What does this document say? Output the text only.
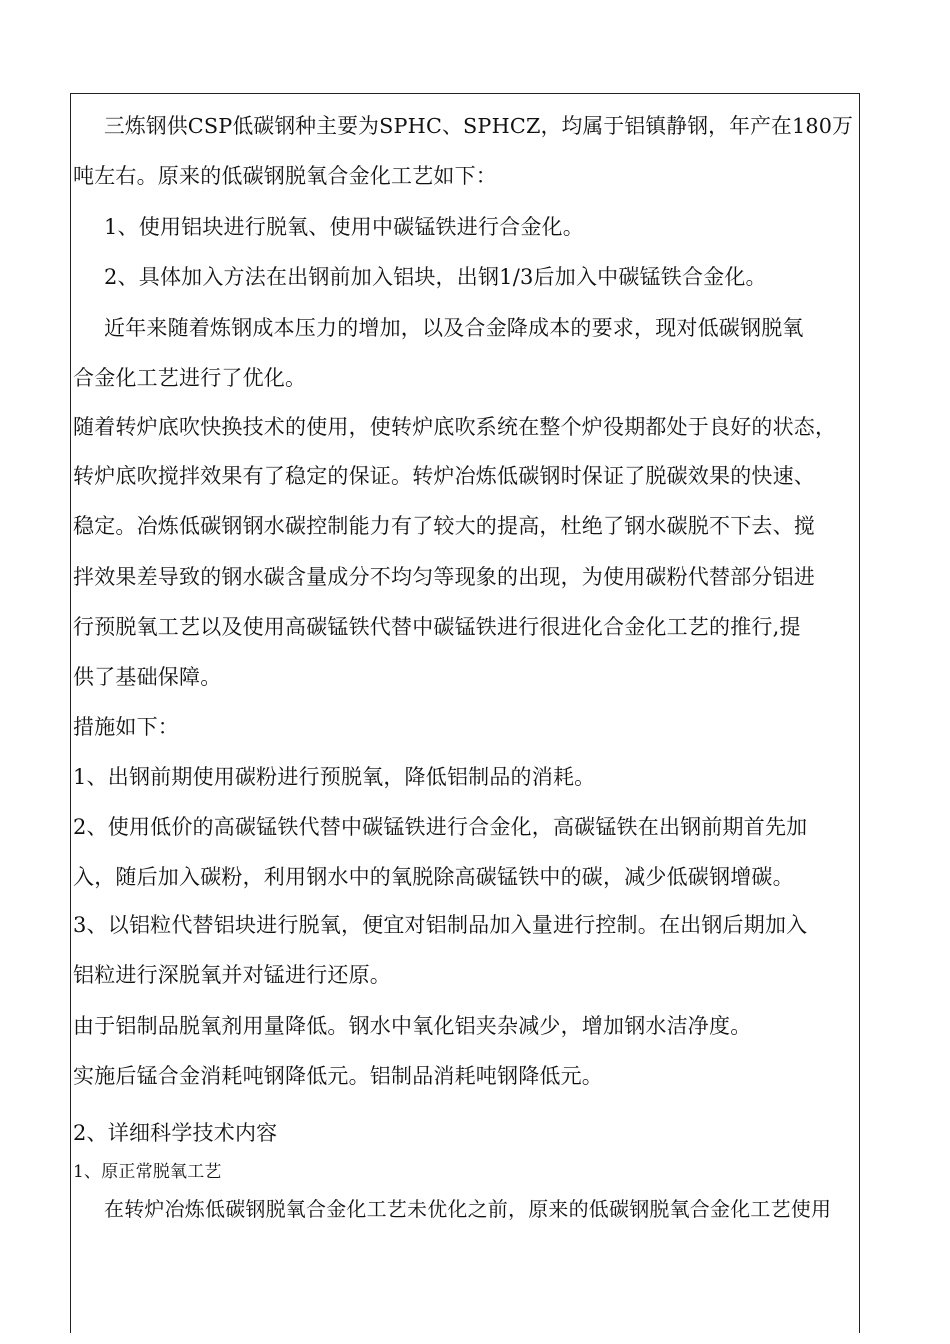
三炼钢供CSP低碳钢种主要为SPHC、SPHCZ，均属于铝镇静钢，年产在180万
吨左右。原来的低碳钢脱氧合金化工艺如下：
1、使用铝块进行脱氧、使用中碳锰铁进行合金化。
2、具体加入方法在出钢前加入铝块，出钢1/3后加入中碳锰铁合金化。
近年来随着炼钢成本压力的增加，以及合金降成本的要求，现对低碳钢脱氧
合金化工艺进行了优化。
随着转炉底吹快换技术的使用，使转炉底吹系统在整个炉役期都处于良好的状态，
转炉底吹搅拌效果有了稳定的保证。转炉冶炼低碳钢时保证了脱碳效果的快速、
稳定。冶炼低碳钢钢水碳控制能力有了较大的提高，杜绝了钢水碳脱不下去、搅
拌效果差导致的钢水碳含量成分不均匀等现象的出现，为使用碳粉代替部分铝进
行预脱氧工艺以及使用高碳锰铁代替中碳锰铁进行很进化合金化工艺的推行,提
供了基础保障。
措施如下：
1、出钢前期使用碳粉进行预脱氧，降低铝制品的消耗。
2、使用低价的高碳锰铁代替中碳锰铁进行合金化，高碳锰铁在出钢前期首先加
入，随后加入碳粉，利用钢水中的氧脱除高碳锰铁中的碳，减少低碳钢增碳。
3、以铝粒代替铝块进行脱氧，便宜对铝制品加入量进行控制。在出钢后期加入
铝粒进行深脱氧并对锰进行还原。
由于铝制品脱氧剂用量降低。钢水中氧化铝夹杂减少，增加钢水洁净度。
实施后锰合金消耗吨钢降低元。铝制品消耗吨钢降低元。
2、详细科学技术内容
1、原正常脱氧工艺
在转炉冶炼低碳钢脱氧合金化工艺未优化之前，原来的低碳钢脱氧合金化工艺使用
